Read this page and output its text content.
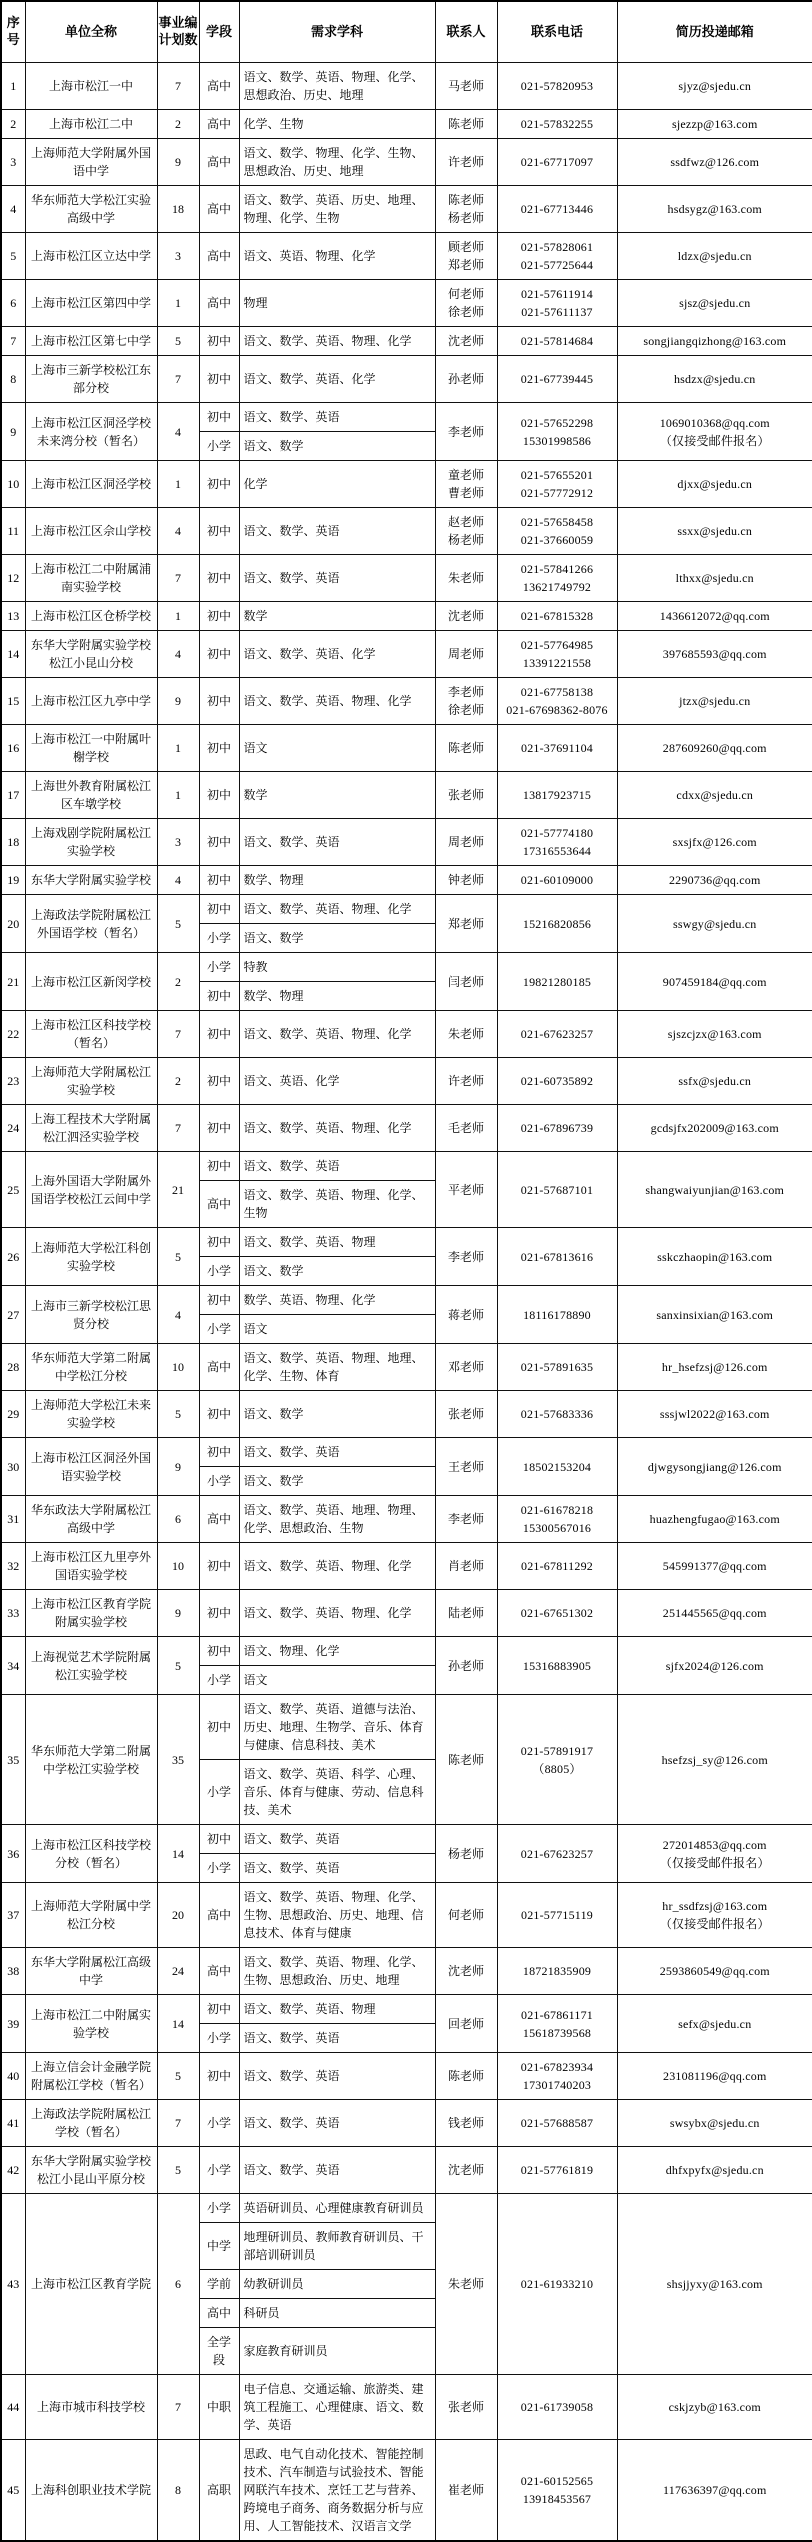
序号	单位全称	事业编计划数	学段	需求学科	联系人	联系电话	简历投递邮箱

1	上海市松江一中	7	高中	语文、数学、英语、物理、化学、思想政治、历史、地理	马老师	021-57820953	sjyz@sjedu.cn

2	上海市松江二中	2	高中	化学、生物	陈老师	021-57832255	sjezzp@163.com

3	上海师范大学附属外国语中学	9	高中	语文、数学、物理、化学、生物、思想政治、历史、地理	许老师	021-67717097	ssdfwz@126.com

4	华东师范大学松江实验高级中学	18	高中	语文、数学、英语、历史、地理、物理、化学、生物	陈老师
杨老师	021-67713446	hsdsygz@163.com

5	上海市松江区立达中学	3	高中	语文、英语、物理、化学	顾老师
郑老师	021-57828061
021-57725644	ldzx@sjedu.cn

6	上海市松江区第四中学	1	高中	物理	何老师
徐老师	021-57611914
021-57611137	sjsz@sjedu.cn

7	上海市松江区第七中学	5	初中	语文、数学、英语、物理、化学	沈老师	021-57814684	songjiangqizhong@163.com

8	上海市三新学校松江东部分校	7	初中	语文、数学、英语、化学	孙老师	021-67739445	hsdzx@sjedu.cn

9	上海市松江区洞泾学校未来湾分校（暂名）	4	初中	语文、数学、英语	李老师	021-57652298
15301998586	1069010368@qq.com
（仅接受邮件报名）

			小学	语文、数学			

10	上海市松江区洞泾学校	1	初中	化学	童老师
曹老师	021-57655201
021-57772912	djxx@sjedu.cn

11	上海市松江区佘山学校	4	初中	语文、数学、英语	赵老师
杨老师	021-57658458
021-37660059	ssxx@sjedu.cn

12	上海市松江二中附属浦南实验学校	7	初中	语文、数学、英语	朱老师	021-57841266
13621749792	lthxx@sjedu.cn

13	上海市松江区仓桥学校	1	初中	数学	沈老师	021-67815328	1436612072@qq.com

14	东华大学附属实验学校松江小昆山分校	4	初中	语文、数学、英语、化学	周老师	021-57764985
13391221558	397685593@qq.com

15	上海市松江区九亭中学	9	初中	语文、数学、英语、物理、化学	李老师
徐老师	021-67758138
021-67698362-8076	jtzx@sjedu.cn

16	上海市松江一中附属叶榭学校	1	初中	语文	陈老师	021-37691104	287609260@qq.com

17	上海世外教育附属松江区车墩学校	1	初中	数学	张老师	13817923715	cdxx@sjedu.cn

18	上海戏剧学院附属松江实验学校	3	初中	语文、数学、英语	周老师	021-57774180
17316553644	sxsjfx@126.com

19	东华大学附属实验学校	4	初中	数学、物理	钟老师	021-60109000	2290736@qq.com

20	上海政法学院附属松江外国语学校（暂名）	5	初中	语文、数学、英语、物理、化学	郑老师	15216820856	sswgy@sjedu.cn

			小学	语文、数学			

21	上海市松江区新闵学校	2	小学	特教	闫老师	19821280185	907459184@qq.com

			初中	数学、物理			

22	上海市松江区科技学校（暂名）	7	初中	语文、数学、英语、物理、化学	朱老师	021-67623257	sjszcjzx@163.com

23	上海师范大学附属松江实验学校	2	初中	语文、英语、化学	许老师	021-60735892	ssfx@sjedu.cn

24	上海工程技术大学附属松江泗泾实验学校	7	初中	语文、数学、英语、物理、化学	毛老师	021-67896739	gcdsjfx202009@163.com

25	上海外国语大学附属外国语学校松江云间中学	21	初中	语文、数学、英语	平老师	021-57687101	shangwaiyunjian@163.com

			高中	语文、数学、英语、物理、化学、生物			

26	上海师范大学松江科创实验学校	5	初中	语文、数学、英语、物理	李老师	021-67813616	sskczhaopin@163.com

			小学	语文、数学			

27	上海市三新学校松江思贤分校	4	初中	数学、英语、物理、化学	蒋老师	18116178890	sanxinsixian@163.com

			小学	语文			

28	华东师范大学第二附属中学松江分校	10	高中	语文、数学、英语、物理、地理、化学、生物、体育	邓老师	021-57891635	hr_hsefzsj@126.com

29	上海师范大学松江未来实验学校	5	初中	语文、数学	张老师	021-57683336	sssjwl2022@163.com

30	上海市松江区洞泾外国语实验学校	9	初中	语文、数学、英语	王老师	18502153204	djwgysongjiang@126.com

			小学	语文、数学			

31	华东政法大学附属松江高级中学	6	高中	语文、数学、英语、地理、物理、化学、思想政治、生物	李老师	021-61678218
15300567016	huazhengfugao@163.com

32	上海市松江区九里亭外国语实验学校	10	初中	语文、数学、英语、物理、化学	肖老师	021-67811292	545991377@qq.com

33	上海市松江区教育学院附属实验学校	9	初中	语文、数学、英语、物理、化学	陆老师	021-67651302	251445565@qq.com

34	上海视觉艺术学院附属松江实验学校	5	初中	语文、物理、化学	孙老师	15316883905	sjfx2024@126.com

			小学	语文			

35	华东师范大学第二附属中学松江实验学校	35	初中	语文、数学、英语、道德与法治、历史、地理、生物学、音乐、体育与健康、信息科技、美术	陈老师	021-57891917
（8805）	hsefzsj_sy@126.com

			小学	语文、数学、英语、科学、心理、音乐、体育与健康、劳动、信息科技、美术			

36	上海市松江区科技学校分校（暂名）	14	初中	语文、数学、英语	杨老师	021-67623257	272014853@qq.com
（仅接受邮件报名）

			小学	语文、数学、英语			

37	上海师范大学附属中学松江分校	20	高中	语文、数学、英语、物理、化学、生物、思想政治、历史、地理、信息技术、体育与健康	何老师	021-57715119	hr_ssdfzsj@163.com
（仅接受邮件报名）

38	东华大学附属松江高级中学	24	高中	语文、数学、英语、物理、化学、生物、思想政治、历史、地理	沈老师	18721835909	2593860549@qq.com

39	上海市松江二中附属实验学校	14	初中	语文、数学、英语、物理	回老师	021-67861171
15618739568	sefx@sjedu.cn

			小学	语文、数学、英语			

40	上海立信会计金融学院附属松江学校（暂名）	5	初中	语文、数学、英语	陈老师	021-67823934
17301740203	231081196@qq.com

41	上海政法学院附属松江学校（暂名）	7	小学	语文、数学、英语	钱老师	021-57688587	swsybx@sjedu.cn

42	东华大学附属实验学校松江小昆山平原分校	5	小学	语文、数学、英语	沈老师	021-57761819	dhfxpyfx@sjedu.cn

43	上海市松江区教育学院	6	小学	英语研训员、心理健康教育研训员	朱老师	021-61933210	shsjjyxy@163.com

			中学	地理研训员、教师教育研训员、干部培训研训员			

			学前	幼教研训员			

			高中	科研员			

			全学段	家庭教育研训员			

44	上海市城市科技学校	7	中职	电子信息、交通运输、旅游类、建筑工程施工、心理健康、语文、数学、英语	张老师	021-61739058	cskjzyb@163.com

45	上海科创职业技术学院	8	高职	思政、电气自动化技术、智能控制技术、汽车制造与试验技术、智能网联汽车技术、烹饪工艺与营养、跨境电子商务、商务数据分析与应用、人工智能技术、汉语言文学	崔老师	021-60152565
13918453567	117636397@qq.com
